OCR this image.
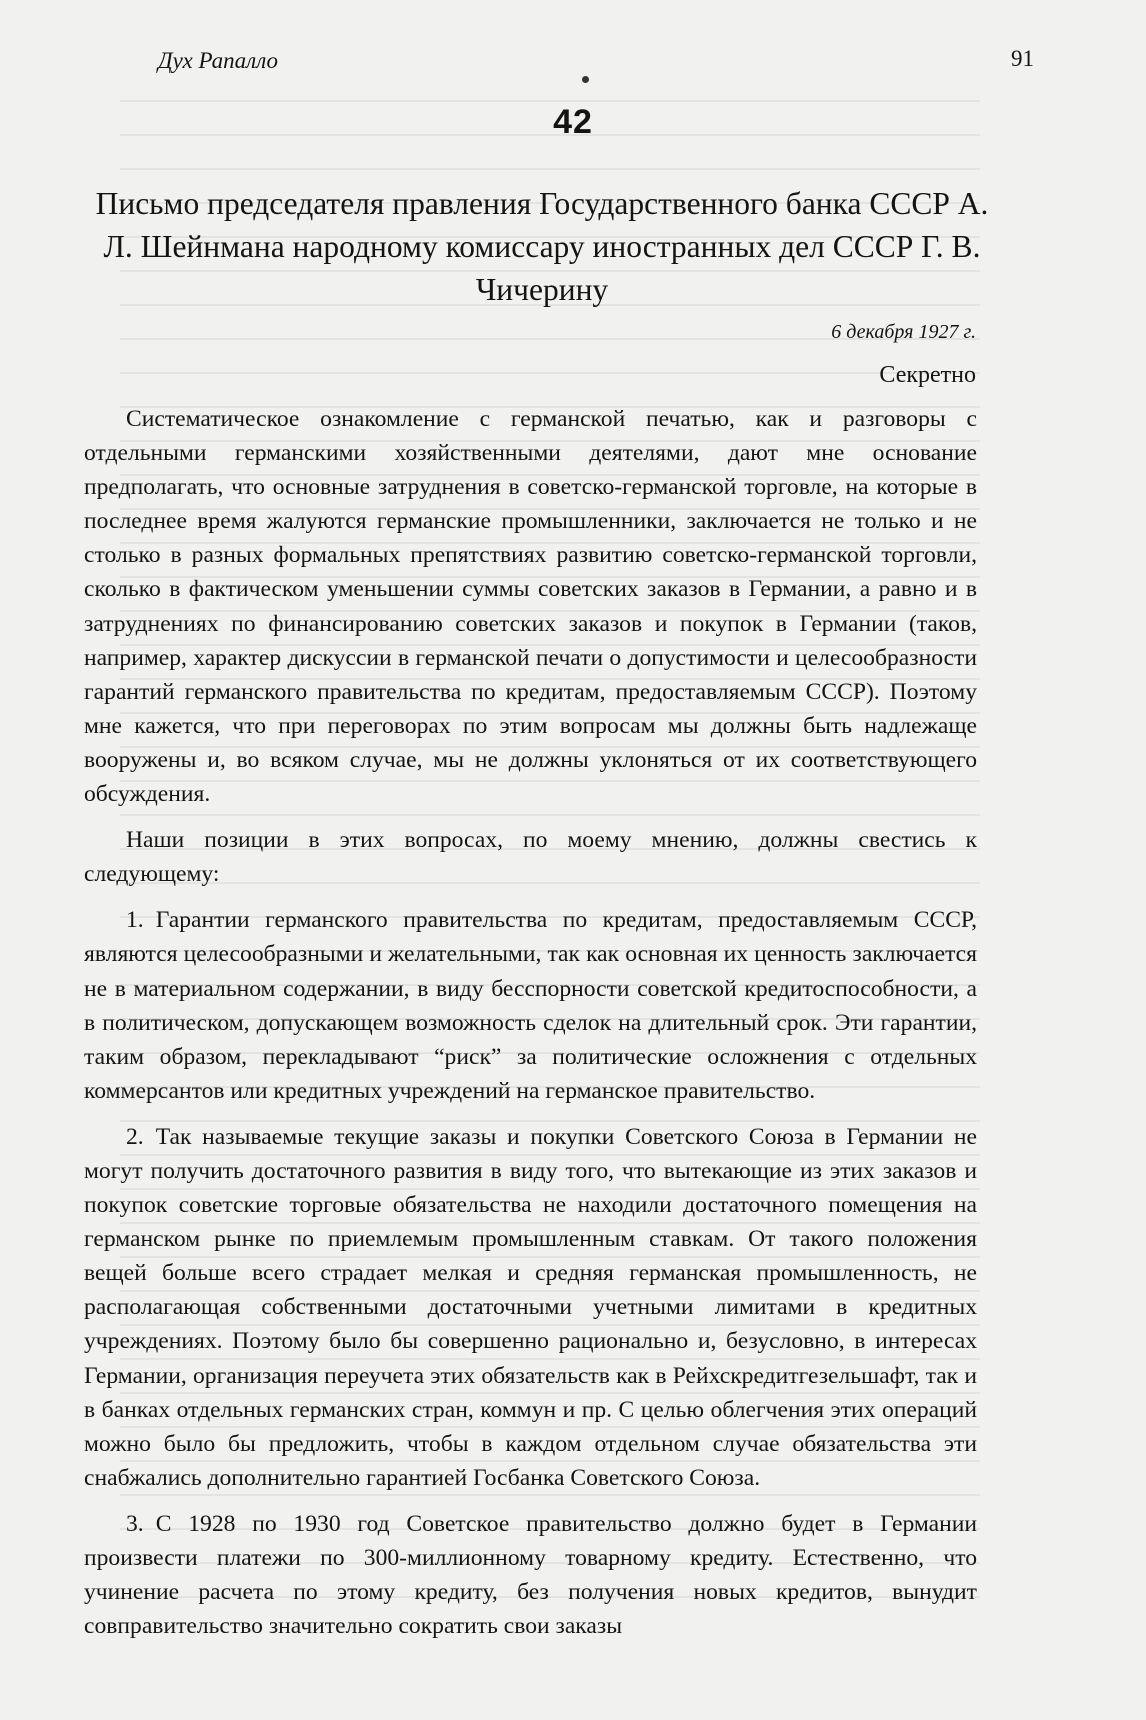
Дух Рапалло	91
42
Письмо председателя правления Государственного банка СССР А. Л. Шейнмана народному комиссару иностранных дел СССР Г. В. Чичерину
6 декабря 1927 г.
Секретно

Систематическое ознакомление с германской печатью, как и разговоры с отдельными германскими хозяйственными деятелями, дают мне основание предполагать, что основные затруднения в советско-германской торговле, на которые в последнее время жалуются германские промышленники, заключается не только и не столько в разных формальных препятствиях развитию советско-германской торговли, сколько в фактическом уменьшении суммы советских заказов в Германии, а равно и в затруднениях по финансированию советских заказов и покупок в Германии (таков, например, характер дискуссии в германской печати о допустимости и целесообразности гарантий германского правительства по кредитам, предоставляемым СССР). Поэтому мне кажется, что при переговорах по этим вопросам мы должны быть надлежаще вооружены и, во всяком случае, мы не должны уклоняться от их соответствующего обсуждения.

Наши позиции в этих вопросах, по моему мнению, должны свестись к следующему:

1. Гарантии германского правительства по кредитам, предоставляемым СССР, являются целесообразными и желательными, так как основная их ценность заключается не в материальном содержании, в виду бесспорности советской кредитоспособности, а в политическом, допускающем возможность сделок на длительный срок. Эти гарантии, таким образом, перекладывают “риск” за политические осложнения с отдельных коммерсантов или кредитных учреждений на германское правительство.

2. Так называемые текущие заказы и покупки Советского Союза в Германии не могут получить достаточного развития в виду того, что вытекающие из этих заказов и покупок советские торговые обязательства не находили достаточного помещения на германском рынке по приемлемым промышленным ставкам. От такого положения вещей больше всего страдает мелкая и средняя германская промышленность, не располагающая собственными достаточными учетными лимитами в кредитных учреждениях. Поэтому было бы совершенно рационально и, безусловно, в интересах Германии, организация переучета этих обязательств как в Рейхскредитгезельшафт, так и в банках отдельных германских стран, коммун и пр. С целью облегчения этих операций можно было бы предложить, чтобы в каждом отдельном случае обязательства эти снабжались дополнительно гарантией Госбанка Советского Союза.

3. С 1928 по 1930 год Советское правительство должно будет в Германии произвести платежи по 300-миллионному товарному кредиту. Естественно, что учинение расчета по этому кредиту, без получения новых кредитов, вынудит совправительство значительно сократить свои заказы
